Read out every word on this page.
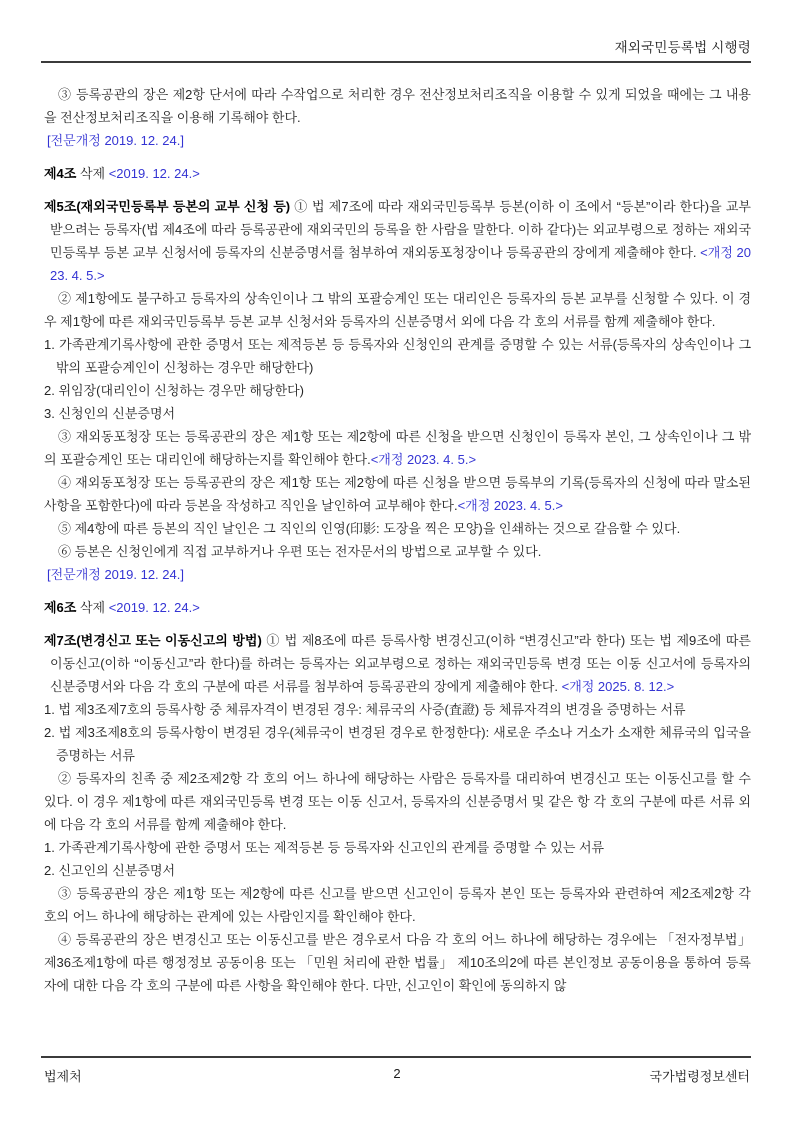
재외국민등록법 시행령

③ 등록공관의 장은 제2항 단서에 따라 수작업으로 처리한 경우 전산정보처리조직을 이용할 수 있게 되었을 때에는 그 내용을 전산정보처리조직을 이용해 기록해야 한다.

[전문개정 2019. 12. 24.]

제4조 삭제 <2019. 12. 24.>

제5조(재외국민등록부 등본의 교부 신청 등) ① 법 제7조에 따라 재외국민등록부 등본(이하 이 조에서 “등본”이라 한다)을 교부받으려는 등록자(법 제4조에 따라 등록공관에 재외국민의 등록을 한 사람을 말한다. 이하 같다)는 외교부령으로 정하는 재외국민등록부 등본 교부 신청서에 등록자의 신분증명서를 첨부하여 재외동포청장이나 등록공관의 장에게 제출해야 한다. <개정 2023. 4. 5.>

② 제1항에도 불구하고 등록자의 상속인이나 그 밖의 포괄승계인 또는 대리인은 등록자의 등본 교부를 신청할 수 있다. 이 경우 제1항에 따른 재외국민등록부 등본 교부 신청서와 등록자의 신분증명서 외에 다음 각 호의 서류를 함께 제출해야 한다.

1. 가족관계기록사항에 관한 증명서 또는 제적등본 등 등록자와 신청인의 관계를 증명할 수 있는 서류(등록자의 상속인이나 그 밖의 포괄승계인이 신청하는 경우만 해당한다)

2. 위임장(대리인이 신청하는 경우만 해당한다)

3. 신청인의 신분증명서

③ 재외동포청장 또는 등록공관의 장은 제1항 또는 제2항에 따른 신청을 받으면 신청인이 등록자 본인, 그 상속인이나 그 밖의 포괄승계인 또는 대리인에 해당하는지를 확인해야 한다.<개정 2023. 4. 5.>

④ 재외동포청장 또는 등록공관의 장은 제1항 또는 제2항에 따른 신청을 받으면 등록부의 기록(등록자의 신청에 따라 말소된 사항을 포함한다)에 따라 등본을 작성하고 직인을 날인하여 교부해야 한다.<개정 2023. 4. 5.>

⑤ 제4항에 따른 등본의 직인 날인은 그 직인의 인영(印影: 도장을 찍은 모양)을 인쇄하는 것으로 갈음할 수 있다.

⑥ 등본은 신청인에게 직접 교부하거나 우편 또는 전자문서의 방법으로 교부할 수 있다.

[전문개정 2019. 12. 24.]

제6조 삭제 <2019. 12. 24.>

제7조(변경신고 또는 이동신고의 방법) ① 법 제8조에 따른 등록사항 변경신고(이하 “변경신고”라 한다) 또는 법 제9조에 따른 이동신고(이하 “이동신고”라 한다)를 하려는 등록자는 외교부령으로 정하는 재외국민등록 변경 또는 이동 신고서에 등록자의 신분증명서와 다음 각 호의 구분에 따른 서류를 첨부하여 등록공관의 장에게 제출해야 한다. <개정 2025. 8. 12.>

1. 법 제3조제7호의 등록사항 중 체류자격이 변경된 경우: 체류국의 사증(査證) 등 체류자격의 변경을 증명하는 서류

2. 법 제3조제8호의 등록사항이 변경된 경우(체류국이 변경된 경우로 한정한다): 새로운 주소나 거소가 소재한 체류국의 입국을 증명하는 서류

② 등록자의 친족 중 제2조제2항 각 호의 어느 하나에 해당하는 사람은 등록자를 대리하여 변경신고 또는 이동신고를 할 수 있다. 이 경우 제1항에 따른 재외국민등록 변경 또는 이동 신고서, 등록자의 신분증명서 및 같은 항 각 호의 구분에 따른 서류 외에 다음 각 호의 서류를 함께 제출해야 한다.

1. 가족관계기록사항에 관한 증명서 또는 제적등본 등 등록자와 신고인의 관계를 증명할 수 있는 서류

2. 신고인의 신분증명서

③ 등록공관의 장은 제1항 또는 제2항에 따른 신고를 받으면 신고인이 등록자 본인 또는 등록자와 관련하여 제2조제2항 각 호의 어느 하나에 해당하는 관계에 있는 사람인지를 확인해야 한다.

④ 등록공관의 장은 변경신고 또는 이동신고를 받은 경우로서 다음 각 호의 어느 하나에 해당하는 경우에는 「전자정부법」 제36조제1항에 따른 행정정보 공동이용 또는 「민원 처리에 관한 법률」 제10조의2에 따른 본인정보 공동이용을 통하여 등록자에 대한 다음 각 호의 구분에 따른 사항을 확인해야 한다. 다만, 신고인이 확인에 동의하지 않

법제처	2	국가법령정보센터
